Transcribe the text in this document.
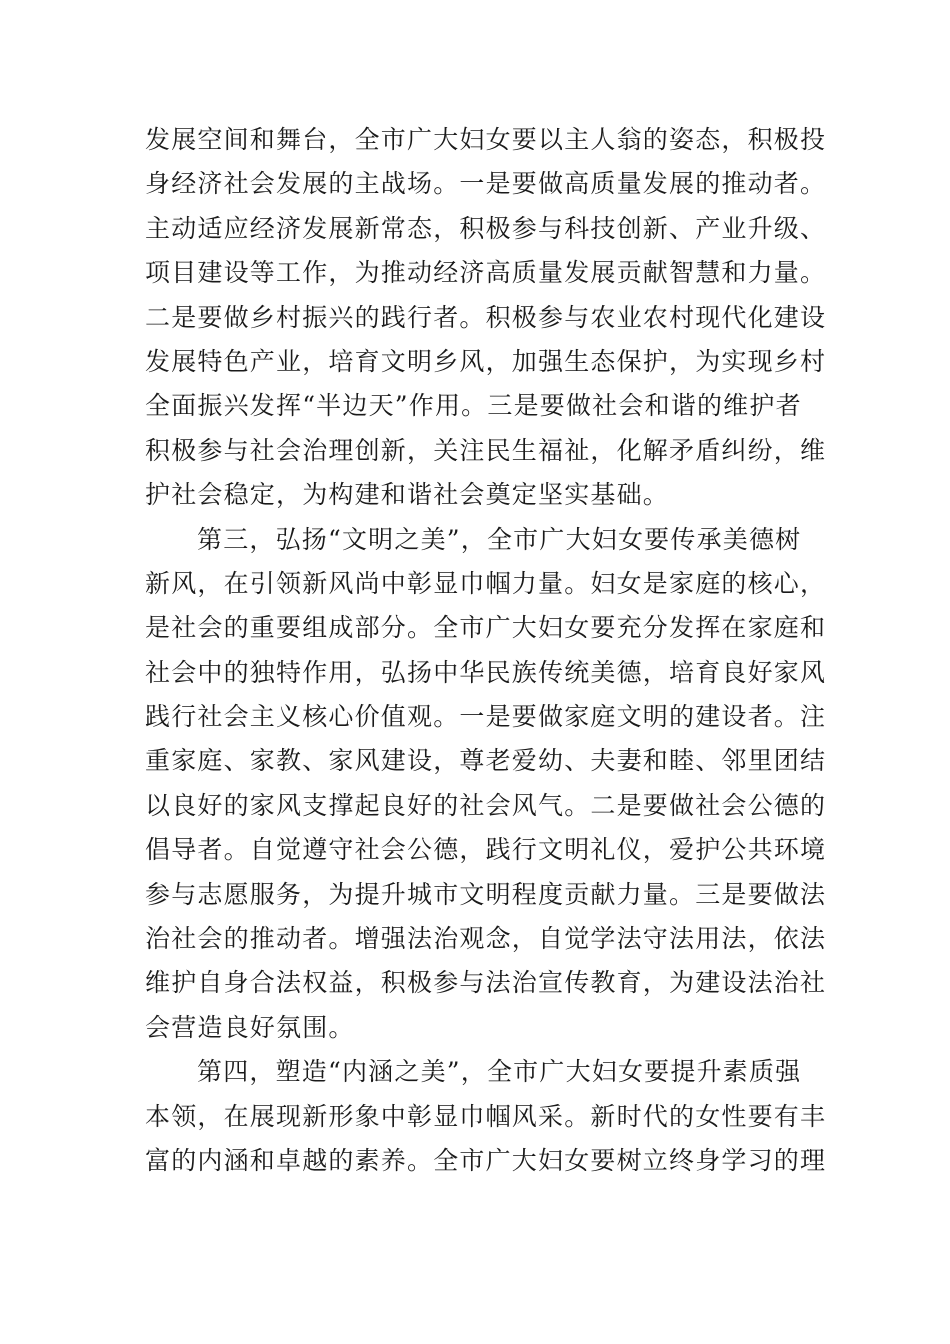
发展空间和舞台，全市广大妇女要以主人翁的姿态，积极投
身经济社会发展的主战场。一是要做高质量发展的推动者。
主动适应经济发展新常态，积极参与科技创新、产业升级、
项目建设等工作，为推动经济高质量发展贡献智慧和力量。
二是要做乡村振兴的践行者。积极参与农业农村现代化建设
发展特色产业，培育文明乡风，加强生态保护，为实现乡村
全面振兴发挥“半边天”作用。三是要做社会和谐的维护者
积极参与社会治理创新，关注民生福祉，化解矛盾纠纷，维
护社会稳定，为构建和谐社会奠定坚实基础。
第三，弘扬“文明之美”，全市广大妇女要传承美德树
新风，在引领新风尚中彰显巾帼力量。妇女是家庭的核心，
是社会的重要组成部分。全市广大妇女要充分发挥在家庭和
社会中的独特作用，弘扬中华民族传统美德，培育良好家风
践行社会主义核心价值观。一是要做家庭文明的建设者。注
重家庭、家教、家风建设，尊老爱幼、夫妻和睦、邻里团结
以良好的家风支撑起良好的社会风气。二是要做社会公德的
倡导者。自觉遵守社会公德，践行文明礼仪，爱护公共环境
参与志愿服务，为提升城市文明程度贡献力量。三是要做法
治社会的推动者。增强法治观念，自觉学法守法用法，依法
维护自身合法权益，积极参与法治宣传教育，为建设法治社
会营造良好氛围。
第四，塑造“内涵之美”，全市广大妇女要提升素质强
本领，在展现新形象中彰显巾帼风采。新时代的女性要有丰
富的内涵和卓越的素养。全市广大妇女要树立终身学习的理
